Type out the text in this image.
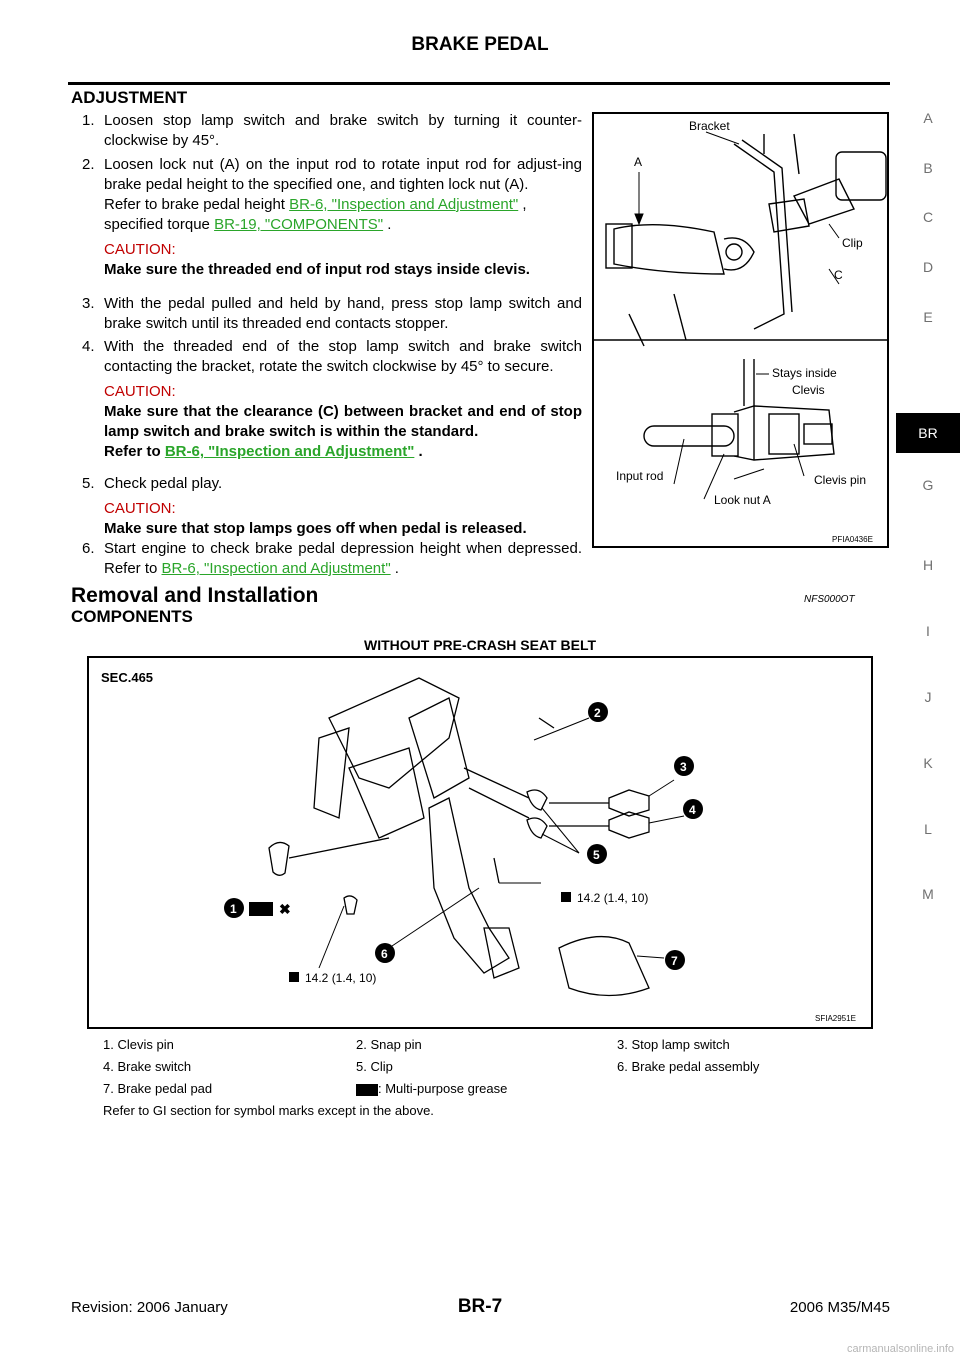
BRAKE PEDAL
ADJUSTMENT
1. Loosen stop lamp switch and brake switch by turning it counter-clockwise by 45°.
2. Loosen lock nut (A) on the input rod to rotate input rod for adjust-ing brake pedal height to the specified one, and tighten lock nut (A).
Refer to brake pedal height BR-6, "Inspection and Adjustment" ,
specified torque BR-19, "COMPONENTS" .
CAUTION:
Make sure the threaded end of input rod stays inside clevis.
3. With the pedal pulled and held by hand, press stop lamp switch and brake switch until its threaded end contacts stopper.
4. With the threaded end of the stop lamp switch and brake switch contacting the bracket, rotate the switch clockwise by 45° to secure.
CAUTION:
Make sure that the clearance (C) between bracket and end of stop lamp switch and brake switch is within the standard.
Refer to BR-6, "Inspection and Adjustment" .
5. Check pedal play.
CAUTION:
Make sure that stop lamps goes off when pedal is released.
6. Start engine to check brake pedal depression height when depressed. Refer to BR-6, "Inspection and Adjustment" .
Bracket
A
Clip
C
Stays inside
Clevis
Input rod	Clevis pin
Look nut A
PFIA0436E
Removal and Installation	NFS000OT
COMPONENTS
WITHOUT PRE-CRASH SEAT BELT
SEC.465
2
3
4
5
1
6	7
✖
14.2 (1.4, 10)
14.2 (1.4, 10)
SFIA2951E
1. Clevis pin	2. Snap pin	3. Stop lamp switch
4. Brake switch	5. Clip	6. Brake pedal assembly
7. Brake pedal pad	: Multi-purpose grease
Refer to GI section for symbol marks except in the above.
A
B
C
D
E
BR
G
H
I
J
K
L
M
Revision: 2006 January	BR-7	2006 M35/M45
carmanualsonline.info
